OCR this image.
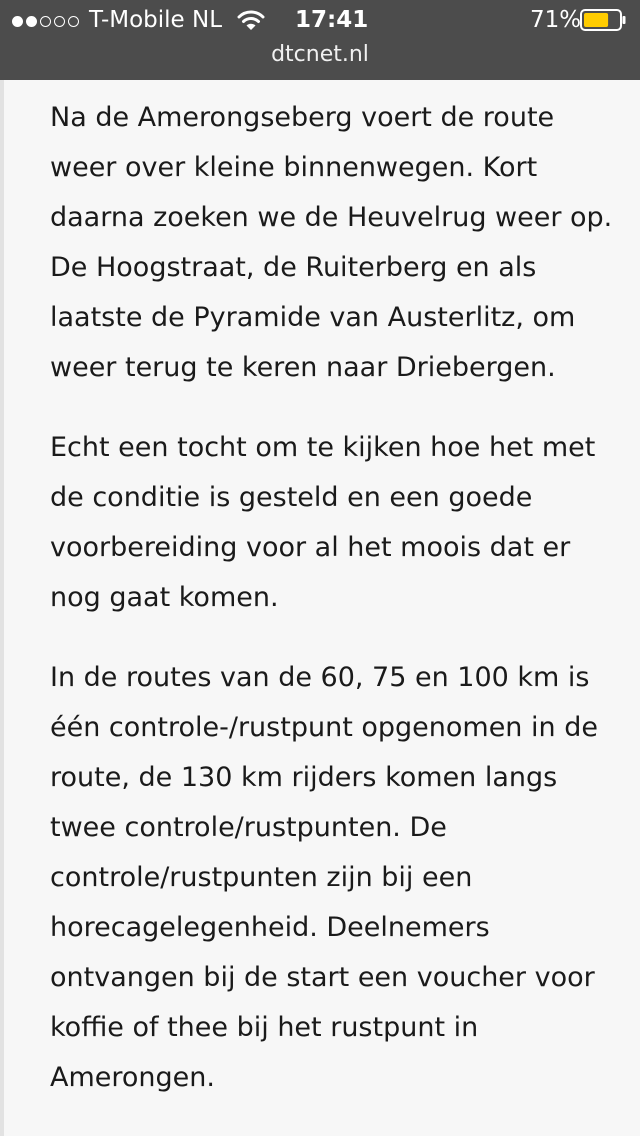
T-Mobile NL	17:41	71%
dtcnet.nl

Na de Amerongseberg voert de route weer over kleine binnenwegen. Kort daarna zoeken we de Heuvelrug weer op. De Hoogstraat, de Ruiterberg en als laatste de Pyramide van Austerlitz, om weer terug te keren naar Driebergen.

Echt een tocht om te kijken hoe het met de conditie is gesteld en een goede voorbereiding voor al het moois dat er nog gaat komen.

In de routes van de 60, 75 en 100 km is één controle-/rustpunt opgenomen in de route, de 130 km rijders komen langs twee controle/rustpunten. De controle/rustpunten zijn bij een horecagelegenheid. Deelnemers ontvangen bij de start een voucher voor koffie of thee bij het rustpunt in Amerongen.
